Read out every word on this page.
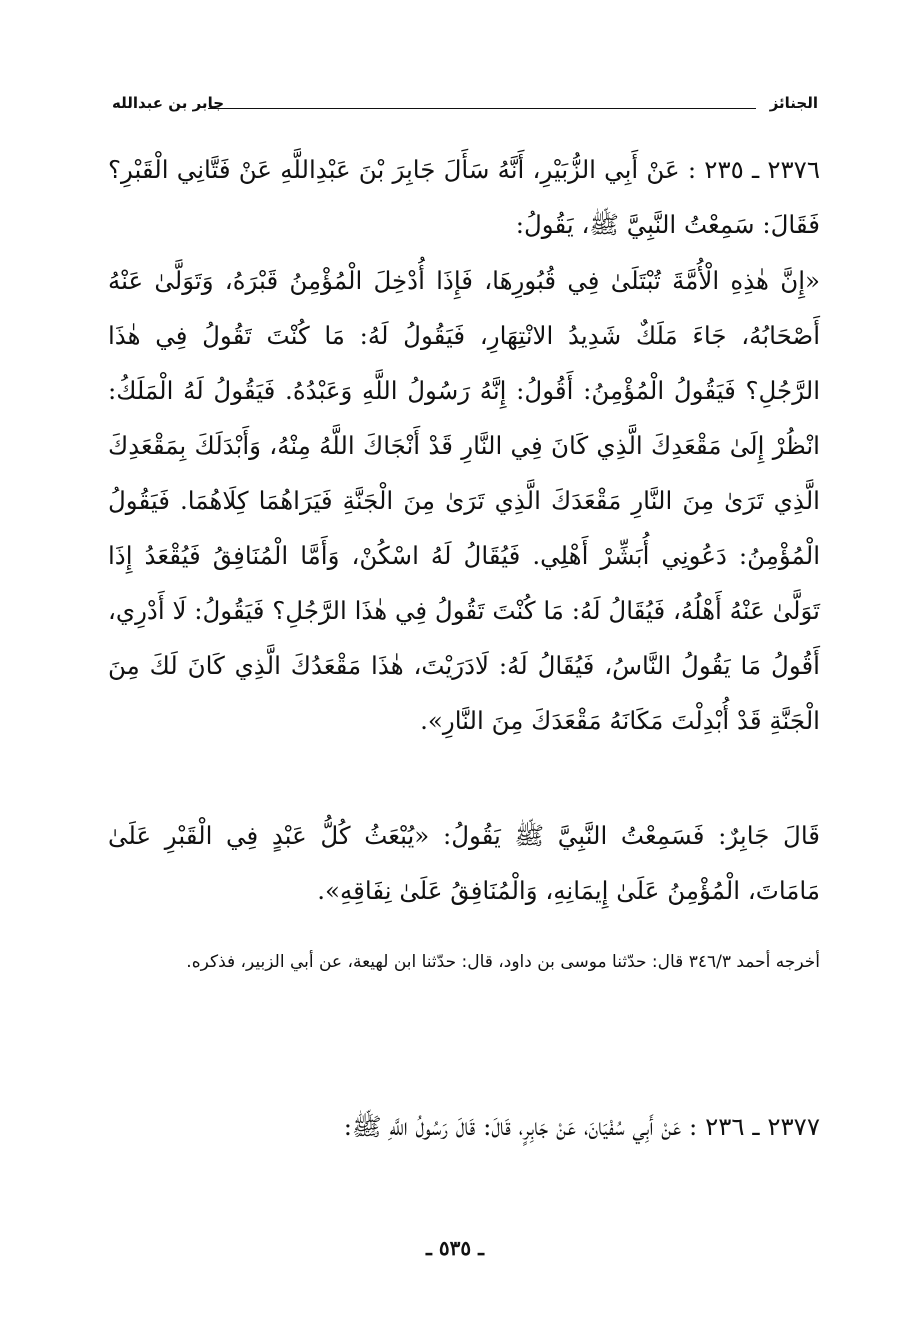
الجنائز
جابر بن عبدالله

٢٣٧٦ ـ ٢٣٥ : عَنْ أَبِي الزُّبَيْرِ، أَنَّهُ سَأَلَ جَابِرَ بْنَ عَبْدِاللَّهِ عَنْ فَتَّانِي الْقَبْرِ؟ فَقَالَ: سَمِعْتُ النَّبِيَّ ﷺ، يَقُولُ:

«إِنَّ هٰذِهِ الْأُمَّةَ تُبْتَلَىٰ فِي قُبُورِهَا، فَإِذَا أُدْخِلَ الْمُؤْمِنُ قَبْرَهُ، وَتَوَلَّىٰ عَنْهُ أَصْحَابُهُ، جَاءَ مَلَكٌ شَدِيدُ الانْتِهَارِ، فَيَقُولُ لَهُ: مَا كُنْتَ تَقُولُ فِي هٰذَا الرَّجُلِ؟ فَيَقُولُ الْمُؤْمِنُ: أَقُولُ: إِنَّهُ رَسُولُ اللَّهِ وَعَبْدُهُ. فَيَقُولُ لَهُ الْمَلَكُ: انْظُرْ إِلَىٰ مَقْعَدِكَ الَّذِي كَانَ فِي النَّارِ قَدْ أَنْجَاكَ اللَّهُ مِنْهُ، وَأَبْدَلَكَ بِمَقْعَدِكَ الَّذِي تَرَىٰ مِنَ النَّارِ مَقْعَدَكَ الَّذِي تَرَىٰ مِنَ الْجَنَّةِ فَيَرَاهُمَا كِلَاهُمَا. فَيَقُولُ الْمُؤْمِنُ: دَعُونِي أُبَشِّرْ أَهْلِي. فَيُقَالُ لَهُ اسْكُنْ، وَأَمَّا الْمُنَافِقُ فَيُقْعَدُ إِذَا تَوَلَّىٰ عَنْهُ أَهْلُهُ، فَيُقَالُ لَهُ: مَا كُنْتَ تَقُولُ فِي هٰذَا الرَّجُلِ؟ فَيَقُولُ: لَا أَدْرِي، أَقُولُ مَا يَقُولُ النَّاسُ، فَيُقَالُ لَهُ: لَادَرَيْتَ، هٰذَا مَقْعَدُكَ الَّذِي كَانَ لَكَ مِنَ الْجَنَّةِ قَدْ أُبْدِلْتَ مَكَانَهُ مَقْعَدَكَ مِنَ النَّارِ».

قَالَ جَابِرٌ: فَسَمِعْتُ النَّبِيَّ ﷺ يَقُولُ: «يُبْعَثُ كُلُّ عَبْدٍ فِي الْقَبْرِ عَلَىٰ مَامَاتَ، الْمُؤْمِنُ عَلَىٰ إِيمَانِهِ، وَالْمُنَافِقُ عَلَىٰ نِفَاقِهِ».

أخرجه أحمد ٣٤٦/٣ قال: حدّثنا موسى بن داود، قال: حدّثنا ابن لهيعة، عن أبي الزبير، فذكره.

٢٣٧٧ ـ ٢٣٦ : عَنْ أَبِي سُفْيَانَ، عَنْ جَابِرٍ، قَالَ: قَالَ رَسُولُ اللَّهِ ﷺ:

ـ ٥٣٥ ـ
